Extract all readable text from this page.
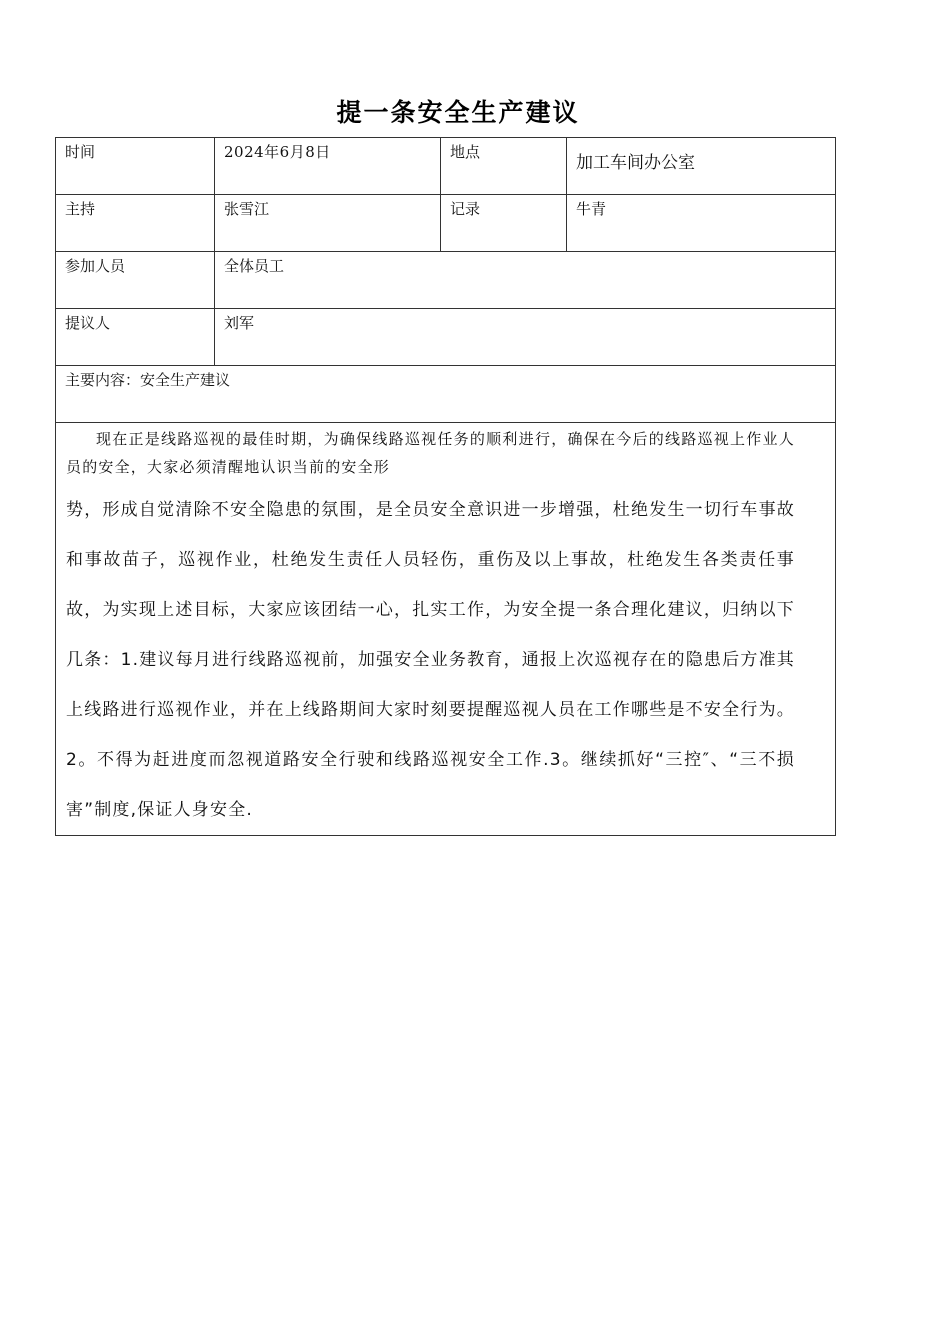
提一条安全生产建议
时间	2024年6月8日	地点	加工车间办公室

主持	张雪江	记录	牛青
参加人员	全体员工		
提议人	刘军		
主要内容：安全生产建议			

现在正是线路巡视的最佳时期，为确保线路巡视任务的顺利进行，确保在今后的线路巡视上作业人员的安全，大家必须清醒地认识当前的安全形
势，形成自觉清除不安全隐患的氛围，是全员安全意识进一步增强，杜绝发生一切行车事故和事故苗子，巡视作业，杜绝发生责任人员轻伤，重伤及以上事故，杜绝发生各类责任事故，为实现上述目标，大家应该团结一心，扎实工作，为安全提一条合理化建议，归纳以下几条：1.建议每月进行线路巡视前，加强安全业务教育，通报上次巡视存在的隐患后方准其上线路进行巡视作业，并在上线路期间大家时刻要提醒巡视人员在工作哪些是不安全行为。2。不得为赶进度而忽视道路安全行驶和线路巡视安全工作.3。继续抓好“三控″、“三不损害”制度,保证人身安全.			
